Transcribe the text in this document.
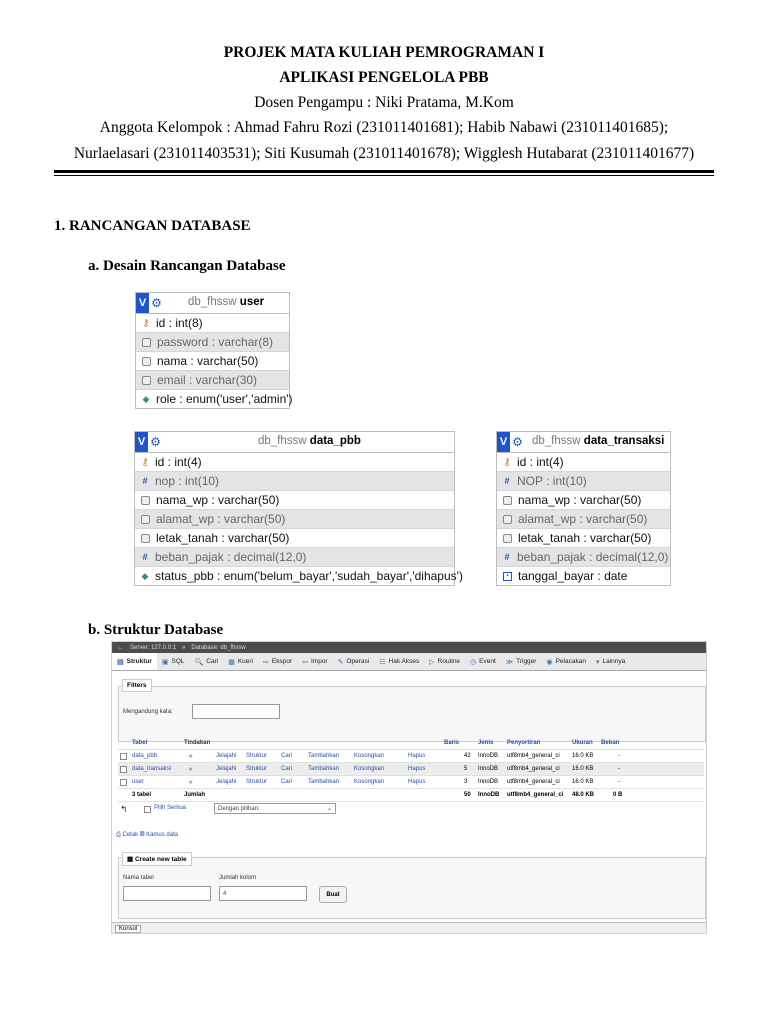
PROJEK MATA KULIAH PEMROGRAMAN I
APLIKASI PENGELOLA PBB
Dosen Pengampu : Niki Pratama, M.Kom
Anggota Kelompok : Ahmad Fahru Rozi (231011401681); Habib Nabawi (231011401685);
Nurlaelasari (231011403531); Siti Kusumah (231011401678); Wigglesh Hutabarat (231011401677)
1. RANCANGAN DATABASE
a. Desain Rancangan Database
V ⚙ db_fhssw user
⚷ id : int(8)
password : varchar(8)
nama : varchar(50)
email : varchar(30)
◆ role : enum('user','admin')
V ⚙	db_fhssw data_pbb
⚷ id : int(4)
# nop : int(10)
nama_wp : varchar(50)
alamat_wp : varchar(50)
letak_tanah : varchar(50)
# beban_pajak : decimal(12,0)
◆ status_pbb : enum('belum_bayar','sudah_bayar','dihapus')
V ⚙ db_fhssw data_transaksi
⚷ id : int(4)
# NOP : int(10)
nama_wp : varchar(50)
alamat_wp : varchar(50)
letak_tanah : varchar(50)
# beban_pajak : decimal(12,0)
▪ tanggal_bayar : date
b. Struktur Database
← Server: 127.0.0.1 » Database: db_fhssw
▤ Struktur ▣ SQL 🔍 Cari ▦ Kueri ⇨ Ekspor ⇦ Impor ✎ Operasi ☷ Hak Akses ▷ Routine ◷ Event ≫ Trigger ◉ Pelacakan ▾ Lainnya
Filters
Mengandung kata:
Tabel	Tindakan	Baris	Jenis Penyortiran	Ukuran Beban
data_pbb	★	Jelajahi Struktur Cari	Tambahkan Kosongkan	Hapus	42 InnoDB utf8mb4_general_ci 16.0 KB	-
data_transaksi	★	Jelajahi Struktur Cari	Tambahkan Kosongkan	Hapus	5 InnoDB utf8mb4_general_ci 16.0 KB	-
user	★	Jelajahi Struktur Cari	Tambahkan Kosongkan	Hapus	3 InnoDB utf8mb4_general_ci 16.0 KB	-
3 tabel	Jumlah	50 InnoDB utf8mb4_general_ci 48.0 KB	0 B
↰	Pilih Semua	Dengan pilihan:	⌄
⎙ Cetak ▤ Kamus data
▦ Create new table
Nama tabel	Jumlah kolom
4	Buat
Konsol
